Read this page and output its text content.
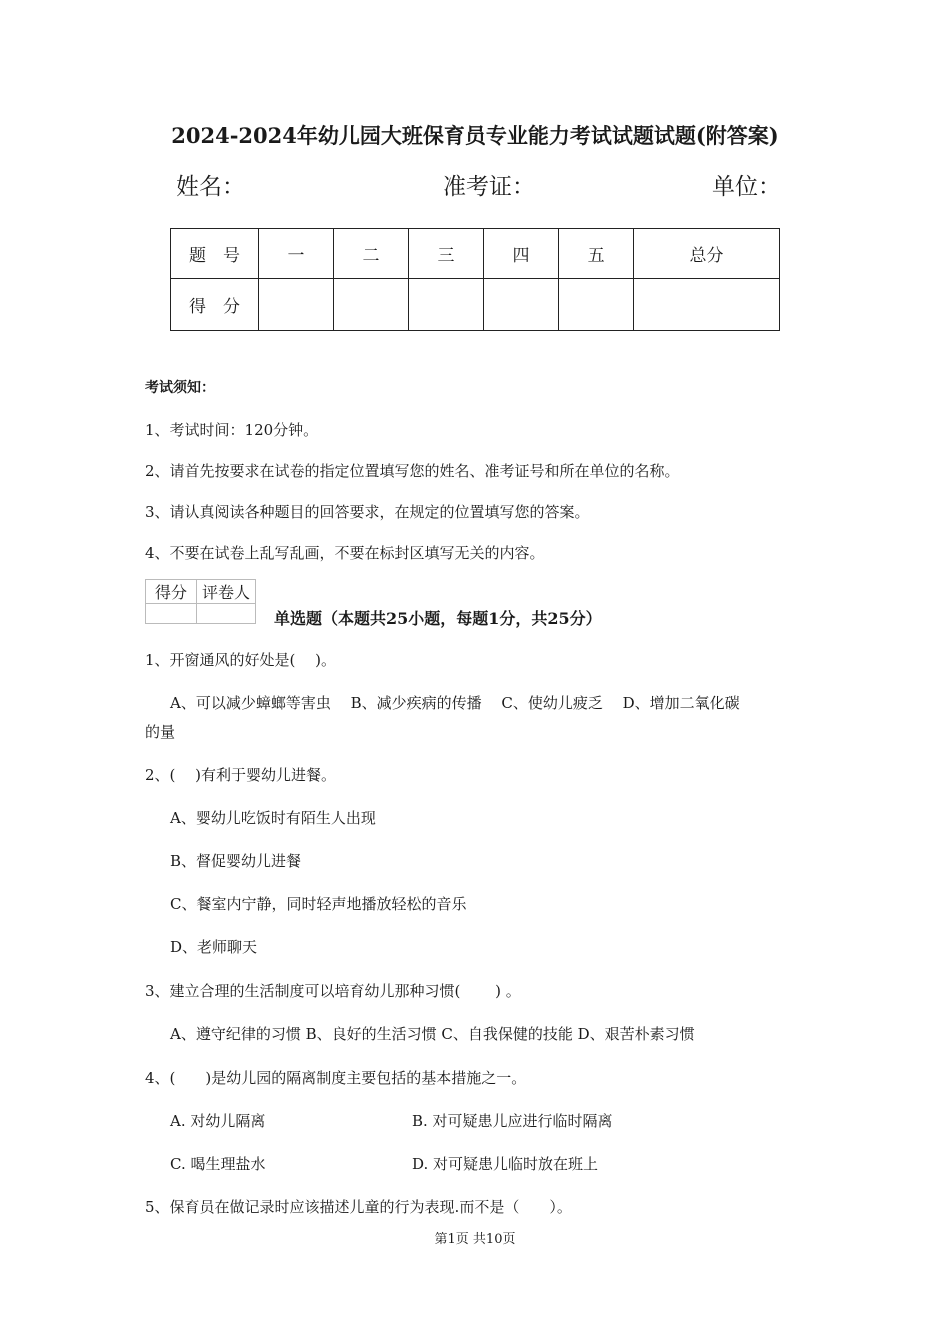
2024-2024年幼儿园大班保育员专业能力考试试题试题(附答案)
姓名：	准考证：	单位：
题　号	一	二	三	四	五	总分
得　分						
考试须知：
1、考试时间：120分钟。
2、请首先按要求在试卷的指定位置填写您的姓名、准考证号和所在单位的名称。
3、请认真阅读各种题目的回答要求，在规定的位置填写您的答案。
4、不要在试卷上乱写乱画，不要在标封区填写无关的内容。
得分	评卷人

单选题（本题共25小题，每题1分，共25分）
1、开窗通风的好处是(　 )。
A、可以减少蟑螂等害虫　 B、减少疾病的传播　 C、使幼儿疲乏　 D、增加二氧化碳
的量
2、(　 )有利于婴幼儿进餐。
A、婴幼儿吃饭时有陌生人出现
B、督促婴幼儿进餐
C、餐室内宁静，同时轻声地播放轻松的音乐
D、老师聊天
3、建立合理的生活制度可以培育幼儿那种习惯(　　 ) 。
A、遵守纪律的习惯 B、良好的生活习惯 C、自我保健的技能 D、艰苦朴素习惯
4、(　　)是幼儿园的隔离制度主要包括的基本措施之一。
A. 对幼儿隔离	B. 对可疑患儿应进行临时隔离
C. 喝生理盐水	D. 对可疑患儿临时放在班上
5、保育员在做记录时应该描述儿童的行为表现.而不是（　　）。
第1页 共10页
